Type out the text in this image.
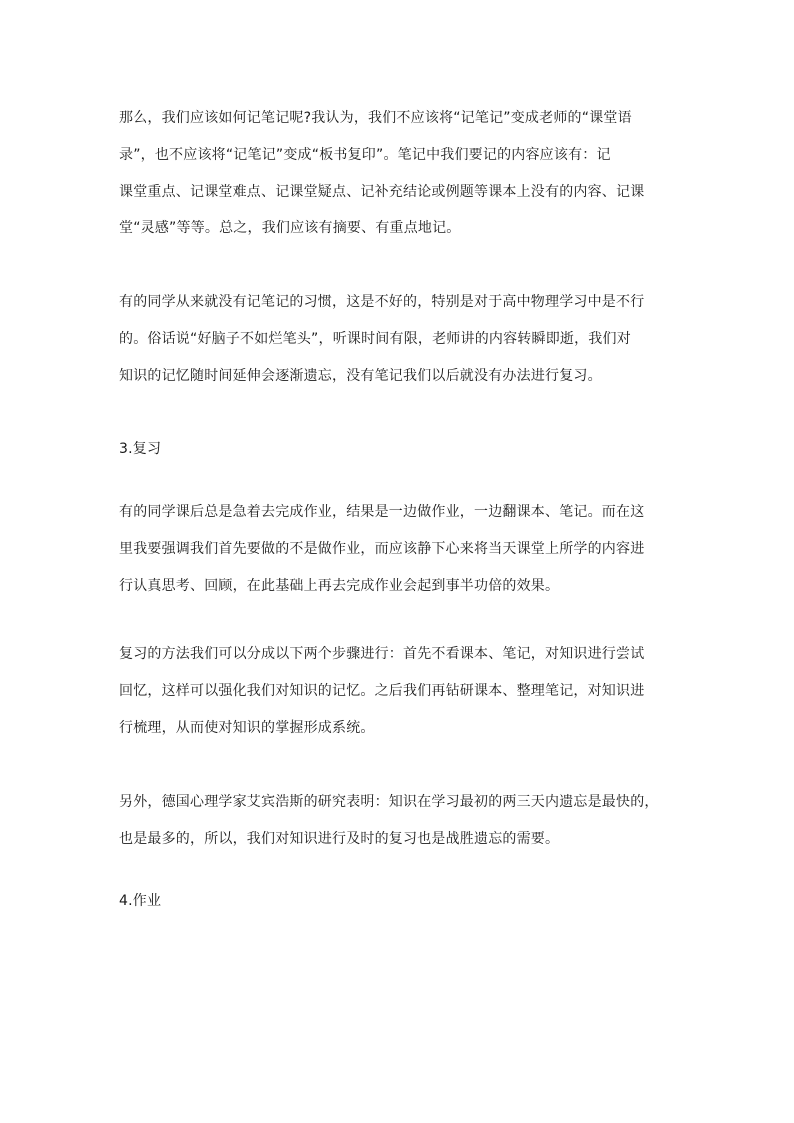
那么，我们应该如何记笔记呢?我认为，我们不应该将“记笔记”变成老师的“课堂语
录”，也不应该将“记笔记”变成“板书复印”。笔记中我们要记的内容应该有：记
课堂重点、记课堂难点、记课堂疑点、记补充结论或例题等课本上没有的内容、记课
堂“灵感”等等。总之，我们应该有摘要、有重点地记。
有的同学从来就没有记笔记的习惯，这是不好的，特别是对于高中物理学习中是不行
的。俗话说“好脑子不如烂笔头”，听课时间有限，老师讲的内容转瞬即逝，我们对
知识的记忆随时间延伸会逐渐遗忘，没有笔记我们以后就没有办法进行复习。
3.复习
有的同学课后总是急着去完成作业，结果是一边做作业，一边翻课本、笔记。而在这
里我要强调我们首先要做的不是做作业，而应该静下心来将当天课堂上所学的内容进
行认真思考、回顾，在此基础上再去完成作业会起到事半功倍的效果。
复习的方法我们可以分成以下两个步骤进行：首先不看课本、笔记，对知识进行尝试
回忆，这样可以强化我们对知识的记忆。之后我们再钻研课本、整理笔记，对知识进
行梳理，从而使对知识的掌握形成系统。
另外，德国心理学家艾宾浩斯的研究表明：知识在学习最初的两三天内遗忘是最快的，
也是最多的，所以，我们对知识进行及时的复习也是战胜遗忘的需要。
4.作业
